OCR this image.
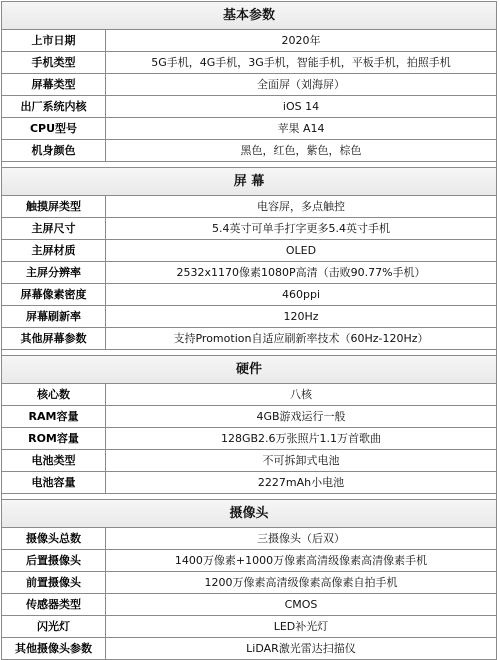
基本参数
上市日期	2020年
手机类型	5G手机，4G手机，3G手机，智能手机，平板手机，拍照手机
屏幕类型	全面屏（刘海屏）
出厂系统内核	iOS 14
CPU型号	苹果 A14
机身颜色	黑色，红色，紫色，棕色
屏 幕
触摸屏类型	电容屏，多点触控
主屏尺寸	5.4英寸可单手打字更多5.4英寸手机
主屏材质	OLED
主屏分辨率	2532x1170像素1080P高清（击败90.77%手机）
屏幕像素密度	460ppi
屏幕刷新率	120Hz
其他屏幕参数	支持Promotion自适应刷新率技术（60Hz-120Hz）
硬件
核心数	八核
RAM容量	4GB游戏运行一般
ROM容量	128GB2.6万张照片1.1万首歌曲
电池类型	不可拆卸式电池
电池容量	2227mAh小电池
摄像头
摄像头总数	三摄像头（后双）
后置摄像头	1400万像素+1000万像素高清级像素高清像素手机
前置摄像头	1200万像素高清级像素高像素自拍手机
传感器类型	CMOS
闪光灯	LED补光灯
其他摄像头参数	LiDAR激光雷达扫描仪
